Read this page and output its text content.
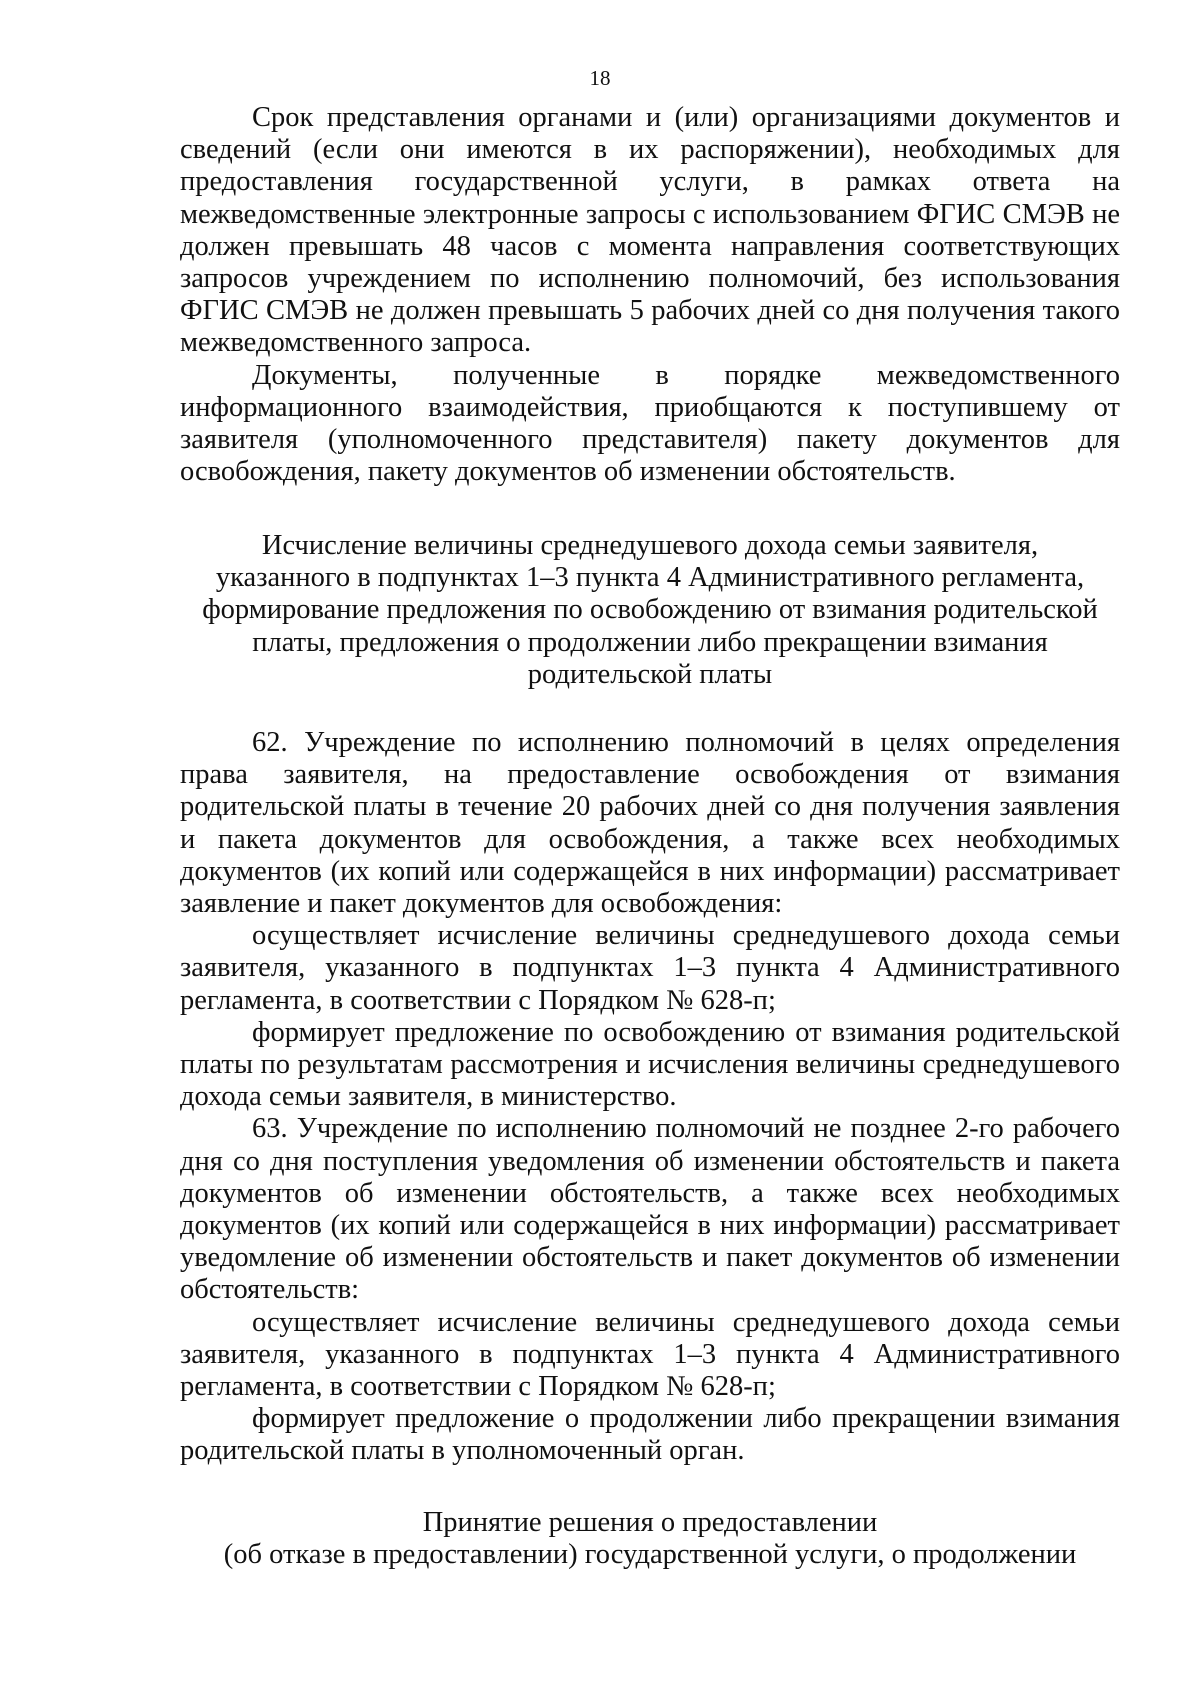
18

Срок представления органами и (или) организациями документов и сведений (если они имеются в их распоряжении), необходимых для предоставления государственной услуги, в рамках ответа на межведомственные электронные запросы с использованием ФГИС СМЭВ не должен превышать 48 часов с момента направления соответствующих запросов учреждением по исполнению полномочий, без использования ФГИС СМЭВ не должен превышать 5 рабочих дней со дня получения такого межведомственного запроса.

Документы, полученные в порядке межведомственного информационного взаимодействия, приобщаются к поступившему от заявителя (уполномоченного представителя) пакету документов для освобождения, пакету документов об изменении обстоятельств.

Исчисление величины среднедушевого дохода семьи заявителя,
указанного в подпунктах 1–3 пункта 4 Административного регламента,
формирование предложения по освобождению от взимания родительской
платы, предложения о продолжении либо прекращении взимания
родительской платы

62. Учреждение по исполнению полномочий в целях определения права заявителя, на предоставление освобождения от взимания родительской платы в течение 20 рабочих дней со дня получения заявления и пакета документов для освобождения, а также всех необходимых документов (их копий или содержащейся в них информации) рассматривает заявление и пакет документов для освобождения:

осуществляет исчисление величины среднедушевого дохода семьи заявителя, указанного в подпунктах 1–3 пункта 4 Административного регламента, в соответствии с Порядком № 628-п;

формирует предложение по освобождению от взимания родительской платы по результатам рассмотрения и исчисления величины среднедушевого дохода семьи заявителя, в министерство.

63. Учреждение по исполнению полномочий не позднее 2-го рабочего дня со дня поступления уведомления об изменении обстоятельств и пакета документов об изменении обстоятельств, а также всех необходимых документов (их копий или содержащейся в них информации) рассматривает уведомление об изменении обстоятельств и пакет документов об изменении обстоятельств:

осуществляет исчисление величины среднедушевого дохода семьи заявителя, указанного в подпунктах 1–3 пункта 4 Административного регламента, в соответствии с Порядком № 628-п;

формирует предложение о продолжении либо прекращении взимания родительской платы в уполномоченный орган.

Принятие решения о предоставлении
(об отказе в предоставлении) государственной услуги, о продолжении
